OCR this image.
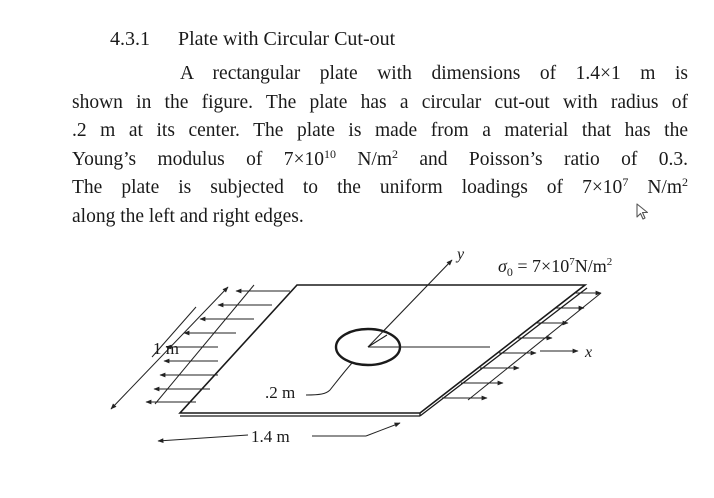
4.3.1 Plate with Circular Cut-out
A rectangular plate with dimensions of 1.4×1 m is
shown in the figure. The plate has a circular cut-out with radius of
.2 m at its center. The plate is made from a material that has the
Young’s modulus of $7\times 10^{10}$ $N/m^2$ and Poisson’s ratio of 0.3.
The plate is subjected to the uniform loadings of $7\times 10^7$ $N/m^2$
along the left and right edges.
y
x
$\sigma_0 = 7\times 10^7N/m^2$
1 m
.2 m
1.4 m
